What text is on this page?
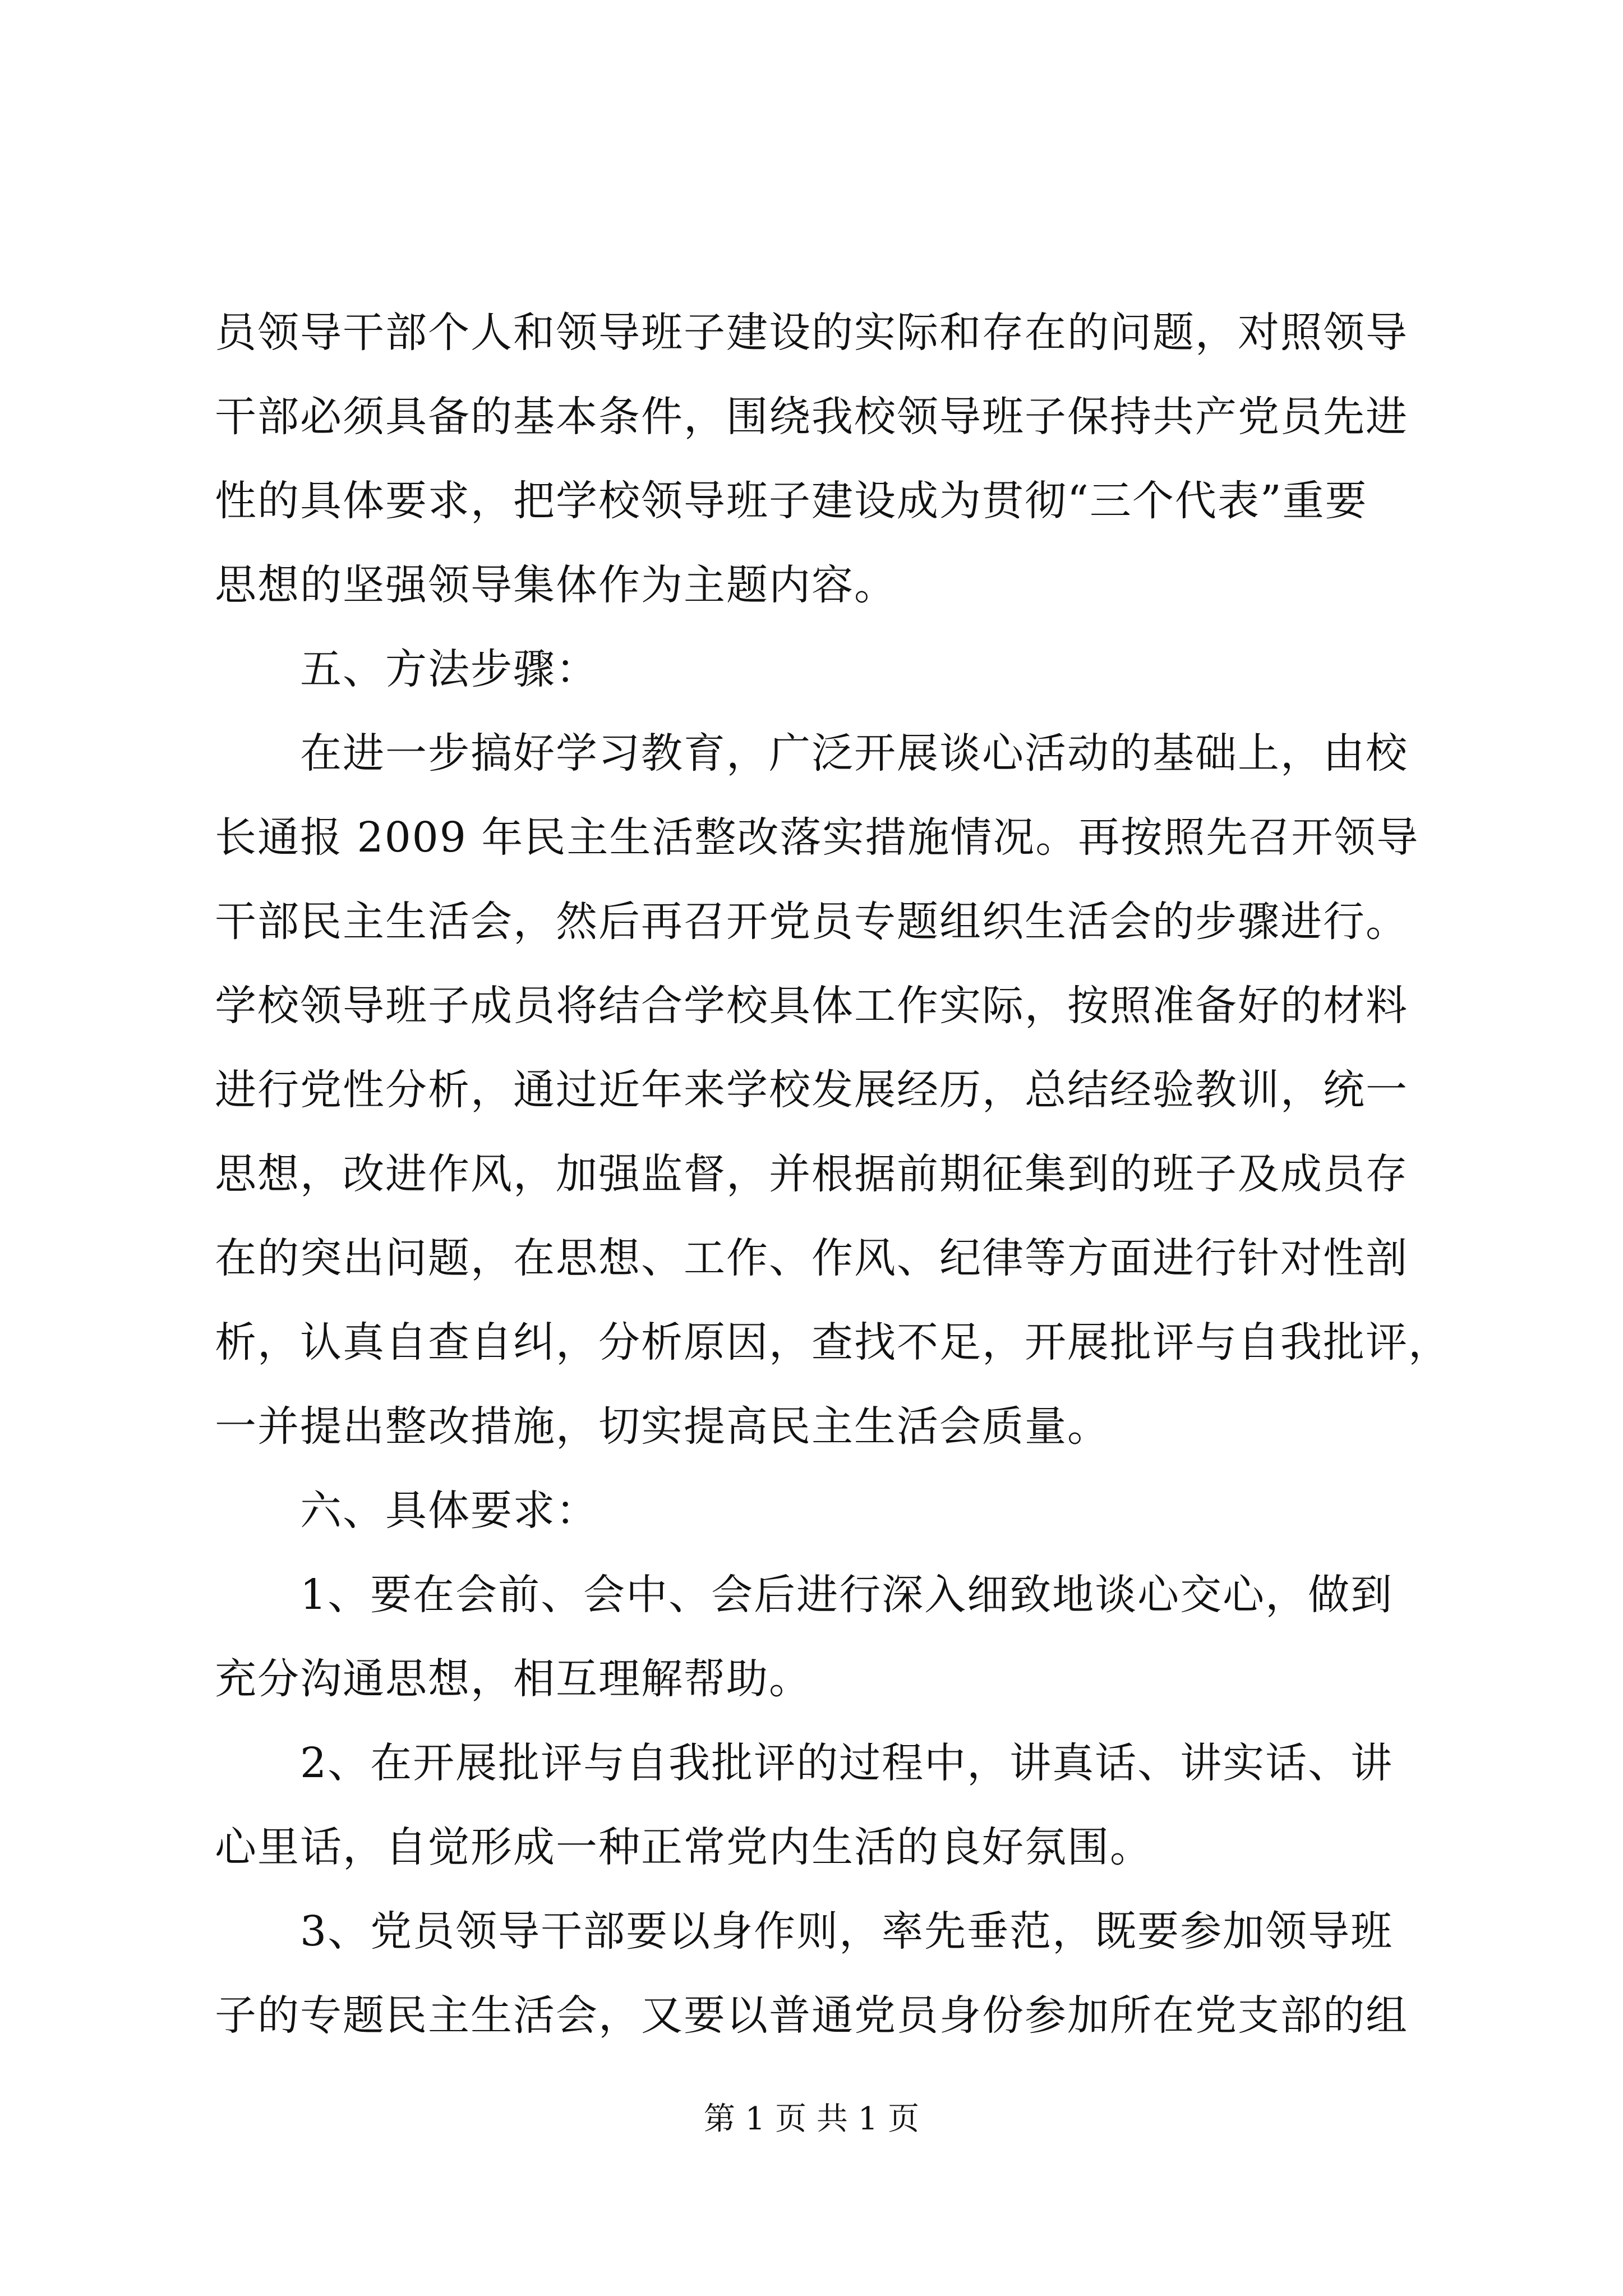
员领导干部个人和领导班子建设的实际和存在的问题，对照领导
干部必须具备的基本条件，围绕我校领导班子保持共产党员先进
性的具体要求，把学校领导班子建设成为贯彻“三个代表”重要
思想的坚强领导集体作为主题内容。
五、方法步骤：
在进一步搞好学习教育，广泛开展谈心活动的基础上，由校
长通报 2009 年民主生活整改落实措施情况。再按照先召开领导
干部民主生活会，然后再召开党员专题组织生活会的步骤进行。
学校领导班子成员将结合学校具体工作实际，按照准备好的材料
进行党性分析，通过近年来学校发展经历，总结经验教训，统一
思想，改进作风，加强监督，并根据前期征集到的班子及成员存
在的突出问题，在思想、工作、作风、纪律等方面进行针对性剖
析，认真自查自纠，分析原因，查找不足，开展批评与自我批评，
一并提出整改措施，切实提高民主生活会质量。
六、具体要求：
1、要在会前、会中、会后进行深入细致地谈心交心，做到
充分沟通思想，相互理解帮助。
2、在开展批评与自我批评的过程中，讲真话、讲实话、讲
心里话，自觉形成一种正常党内生活的良好氛围。
3、党员领导干部要以身作则，率先垂范，既要参加领导班
子的专题民主生活会，又要以普通党员身份参加所在党支部的组
第 1 页 共 1 页
